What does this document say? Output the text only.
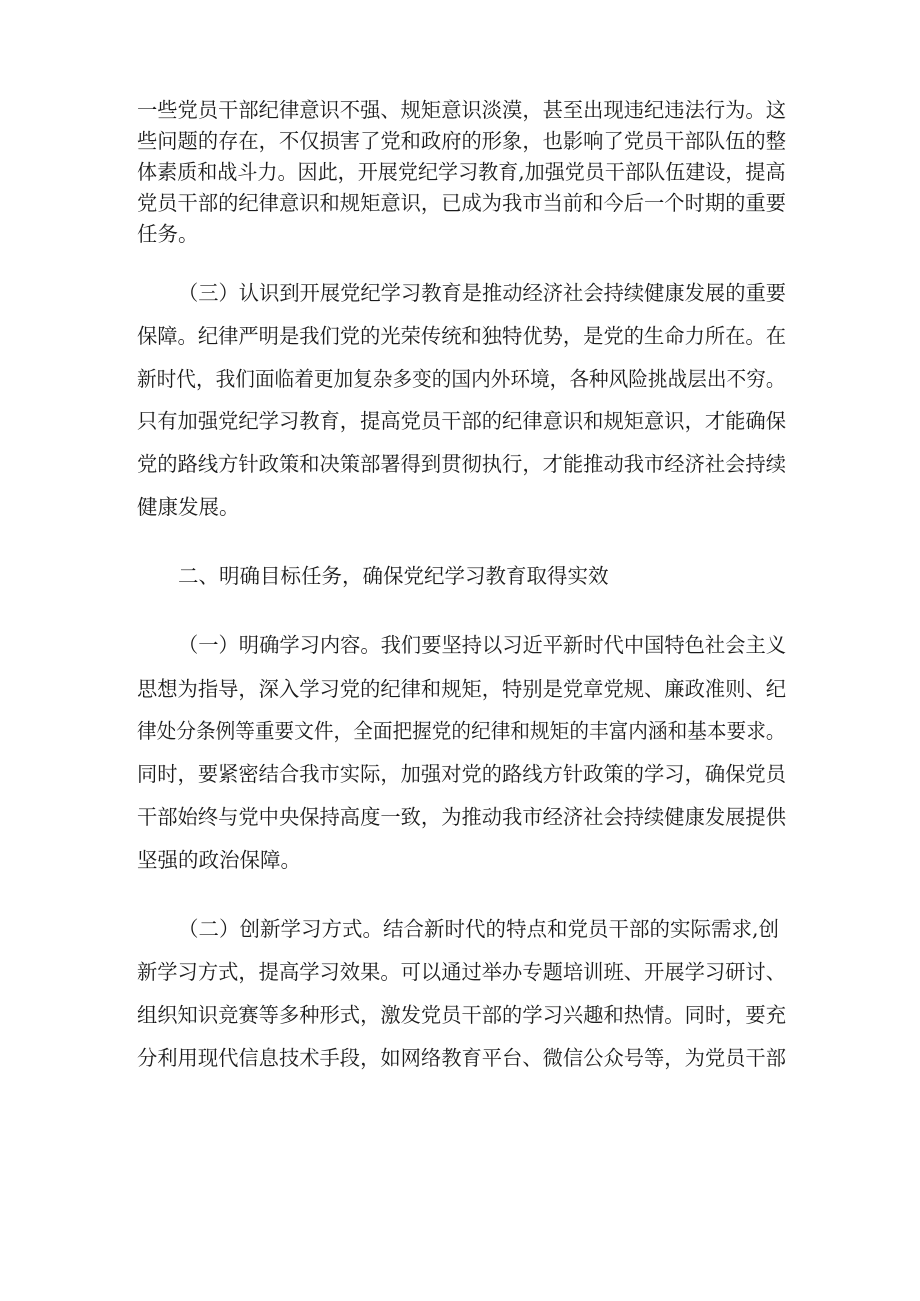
一些党员干部纪律意识不强、规矩意识淡漠，甚至出现违纪违法行为。这

些问题的存在，不仅损害了党和政府的形象，也影响了党员干部队伍的整

体素质和战斗力。因此，开展党纪学习教育,加强党员干部队伍建设，提高

党员干部的纪律意识和规矩意识，已成为我市当前和今后一个时期的重要

任务。

（三）认识到开展党纪学习教育是推动经济社会持续健康发展的重要

保障。纪律严明是我们党的光荣传统和独特优势，是党的生命力所在。在

新时代，我们面临着更加复杂多变的国内外环境，各种风险挑战层出不穷。

只有加强党纪学习教育，提高党员干部的纪律意识和规矩意识，才能确保

党的路线方针政策和决策部署得到贯彻执行，才能推动我市经济社会持续

健康发展。

二、明确目标任务，确保党纪学习教育取得实效

（一）明确学习内容。我们要坚持以习近平新时代中国特色社会主义

思想为指导，深入学习党的纪律和规矩，特别是党章党规、廉政准则、纪

律处分条例等重要文件，全面把握党的纪律和规矩的丰富内涵和基本要求。

同时，要紧密结合我市实际，加强对党的路线方针政策的学习，确保党员

干部始终与党中央保持高度一致，为推动我市经济社会持续健康发展提供

坚强的政治保障。

（二）创新学习方式。结合新时代的特点和党员干部的实际需求,创

新学习方式，提高学习效果。可以通过举办专题培训班、开展学习研讨、

组织知识竞赛等多种形式，激发党员干部的学习兴趣和热情。同时，要充

分利用现代信息技术手段，如网络教育平台、微信公众号等，为党员干部
